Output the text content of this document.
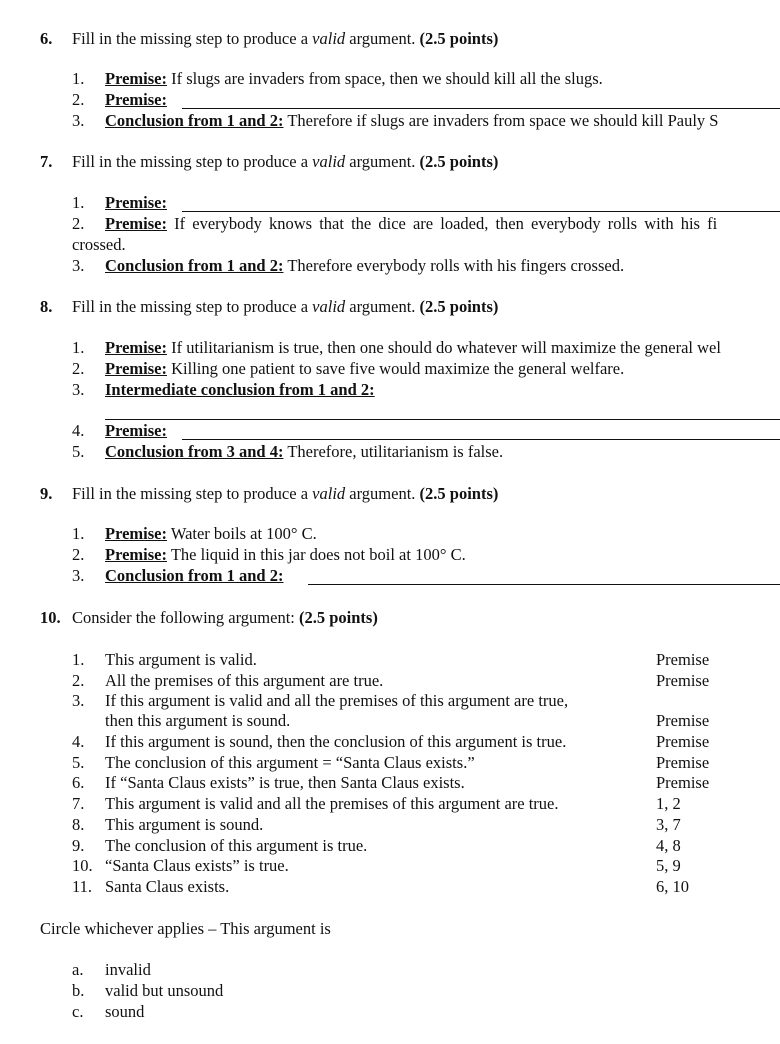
6. Fill in the missing step to produce a valid argument. (2.5 points)
1. Premise: If slugs are invaders from space, then we should kill all the slugs.
2. Premise:
3. Conclusion from 1 and 2: Therefore if slugs are invaders from space we should kill Pauly S
7. Fill in the missing step to produce a valid argument. (2.5 points)
1. Premise:
2. Premise: If everybody knows that the dice are loaded, then everybody rolls with his fi
crossed.
3. Conclusion from 1 and 2: Therefore everybody rolls with his fingers crossed.
8. Fill in the missing step to produce a valid argument. (2.5 points)
1. Premise: If utilitarianism is true, then one should do whatever will maximize the general wel
2. Premise: Killing one patient to save five would maximize the general welfare.
3. Intermediate conclusion from 1 and 2:
4. Premise:
5. Conclusion from 3 and 4: Therefore, utilitarianism is false.
9. Fill in the missing step to produce a valid argument. (2.5 points)
1. Premise: Water boils at 100° C.
2. Premise: The liquid in this jar does not boil at 100° C.
3. Conclusion from 1 and 2:
10. Consider the following argument: (2.5 points)
1. This argument is valid.	Premise
2. All the premises of this argument are true.	Premise
3. If this argument is valid and all the premises of this argument are true,
then this argument is sound.	Premise
4. If this argument is sound, then the conclusion of this argument is true.	Premise
5. The conclusion of this argument = “Santa Claus exists.”	Premise
6. If “Santa Claus exists” is true, then Santa Claus exists.	Premise
7. This argument is valid and all the premises of this argument are true.	1, 2
8. This argument is sound.	3, 7
9. The conclusion of this argument is true.	4, 8
10. “Santa Claus exists” is true.	5, 9
11. Santa Claus exists.	6, 10
Circle whichever applies – This argument is
a. invalid
b. valid but unsound
c. sound
